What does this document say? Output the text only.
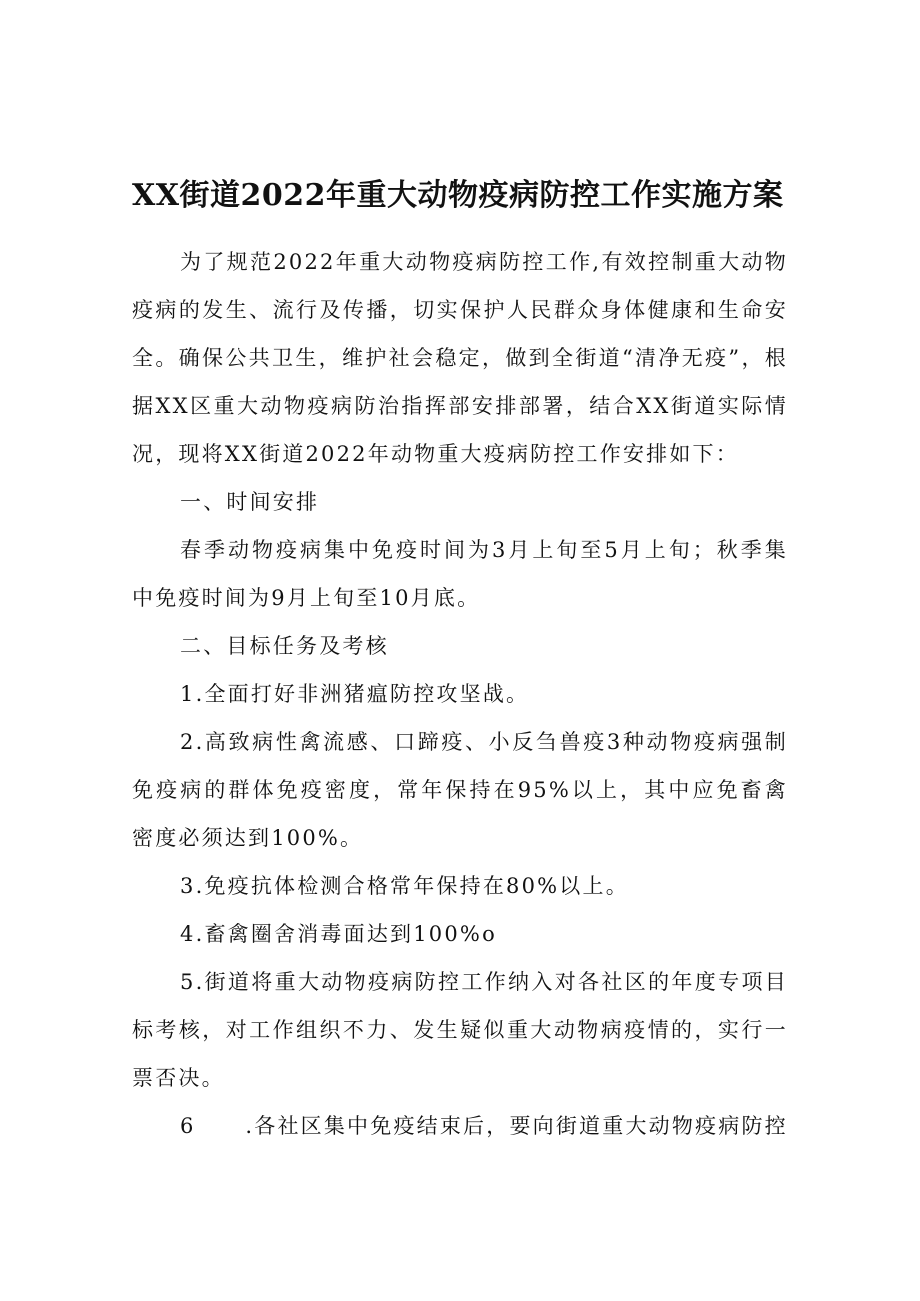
XX街道2022年重大动物疫病防控工作实施方案

为了规范2022年重大动物疫病防控工作,有效控制重大动物疫病的发生、流行及传播，切实保护人民群众身体健康和生命安全。确保公共卫生，维护社会稳定，做到全街道“清净无疫”，根据XX区重大动物疫病防治指挥部安排部署，结合XX街道实际情况，现将XX街道2022年动物重大疫病防控工作安排如下：

一、时间安排

春季动物疫病集中免疫时间为3月上旬至5月上旬；秋季集中免疫时间为9月上旬至10月底。

二、目标任务及考核

1.全面打好非洲猪瘟防控攻坚战。

2.高致病性禽流感、口蹄疫、小反刍兽疫3种动物疫病强制免疫病的群体免疫密度，常年保持在95%以上，其中应免畜禽密度必须达到100%。

3.免疫抗体检测合格常年保持在80%以上。

4.畜禽圈舍消毒面达到100%o

5.街道将重大动物疫病防控工作纳入对各社区的年度专项目标考核，对工作组织不力、发生疑似重大动物病疫情的，实行一票否决。

6 .各社区集中免疫结束后，要向街道重大动物疫病防控
